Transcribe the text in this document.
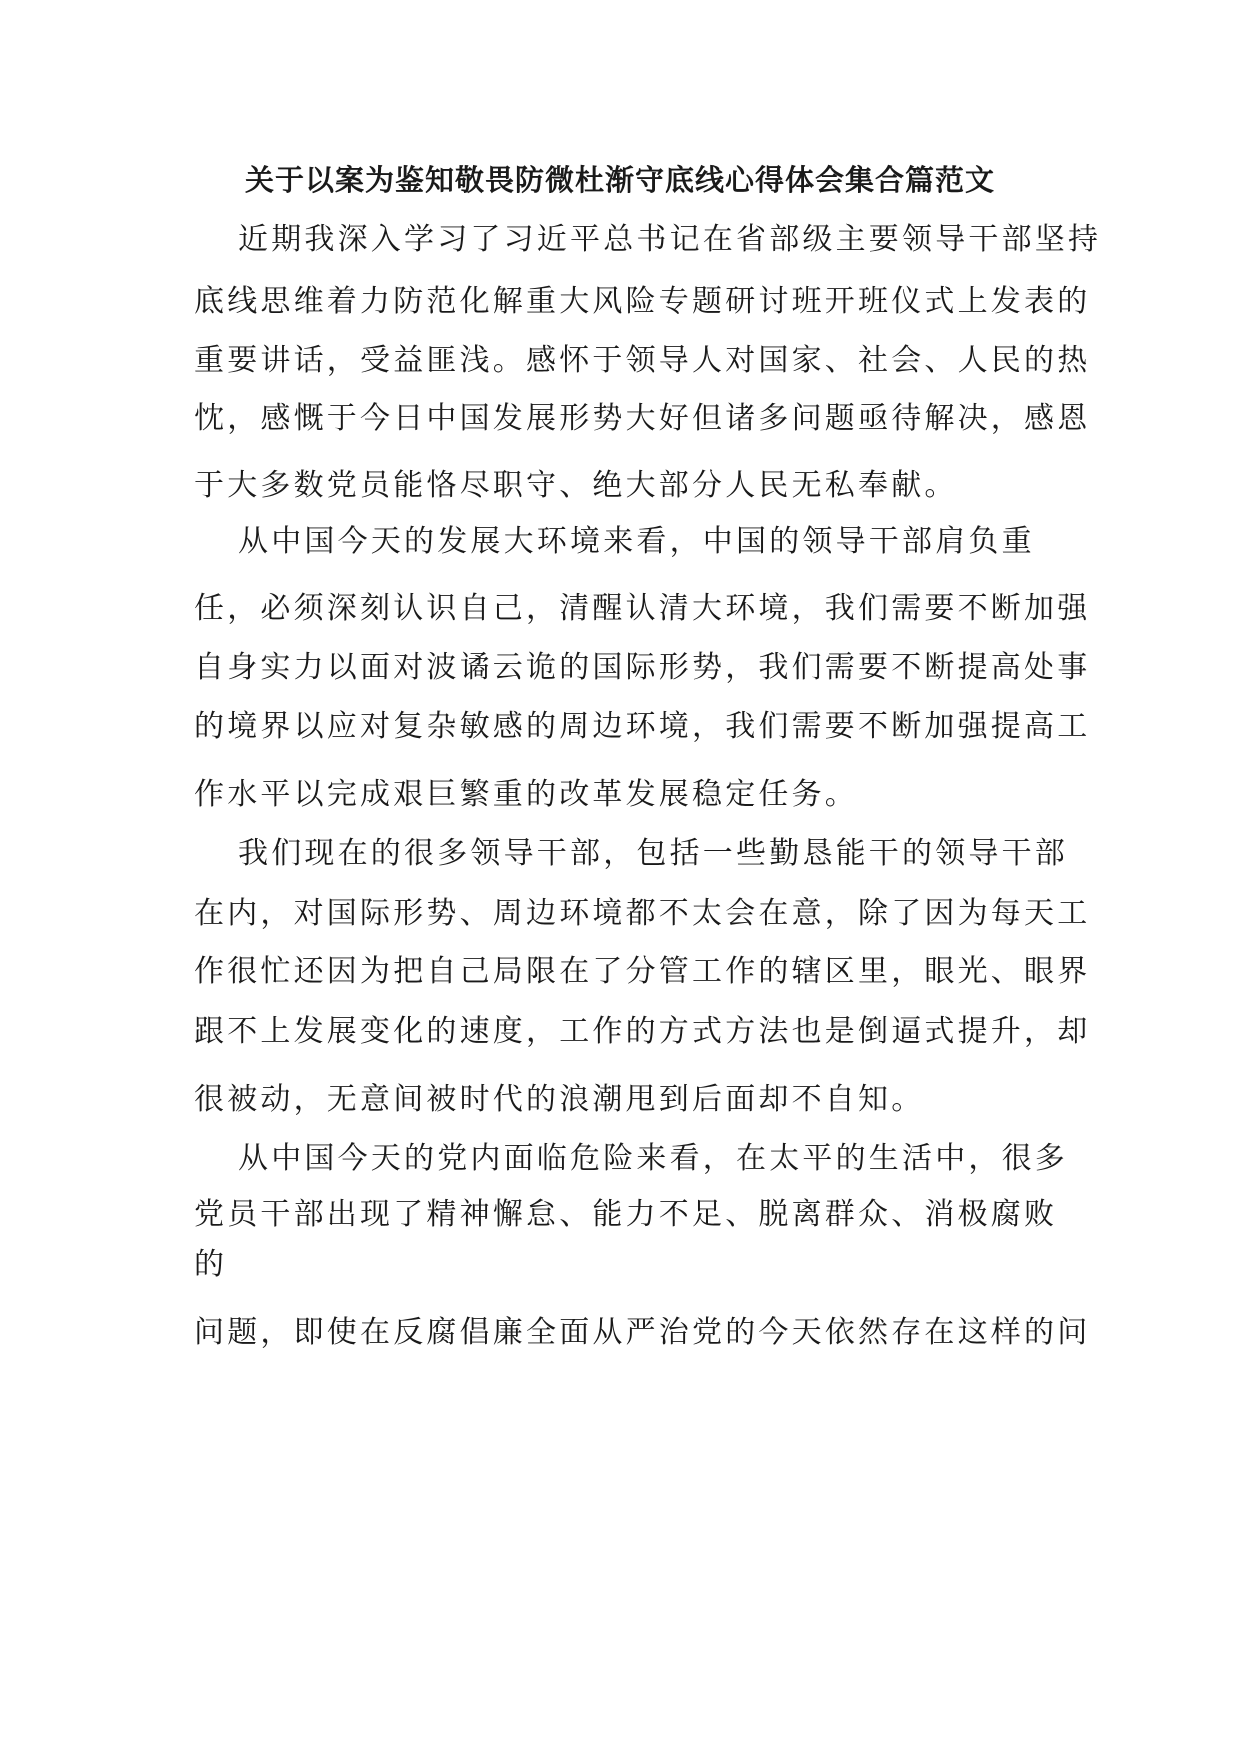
关于以案为鉴知敬畏防微杜渐守底线心得体会集合篇范文

近期我深入学习了习近平总书记在省部级主要领导干部坚持

底线思维着力防范化解重大风险专题研讨班开班仪式上发表的

重要讲话，受益匪浅。感怀于领导人对国家、社会、人民的热

忱，感慨于今日中国发展形势大好但诸多问题亟待解决，感恩

于大多数党员能恪尽职守、绝大部分人民无私奉献。

从中国今天的发展大环境来看，中国的领导干部肩负重

任，必须深刻认识自己，清醒认清大环境，我们需要不断加强

自身实力以面对波谲云诡的国际形势，我们需要不断提高处事

的境界以应对复杂敏感的周边环境，我们需要不断加强提高工

作水平以完成艰巨繁重的改革发展稳定任务。

我们现在的很多领导干部，包括一些勤恳能干的领导干部

在内，对国际形势、周边环境都不太会在意，除了因为每天工

作很忙还因为把自己局限在了分管工作的辖区里，眼光、眼界

跟不上发展变化的速度，工作的方式方法也是倒逼式提升，却

很被动，无意间被时代的浪潮甩到后面却不自知。

从中国今天的党内面临危险来看，在太平的生活中，很多

党员干部出现了精神懈怠、能力不足、脱离群众、消极腐败

的

问题，即使在反腐倡廉全面从严治党的今天依然存在这样的问
